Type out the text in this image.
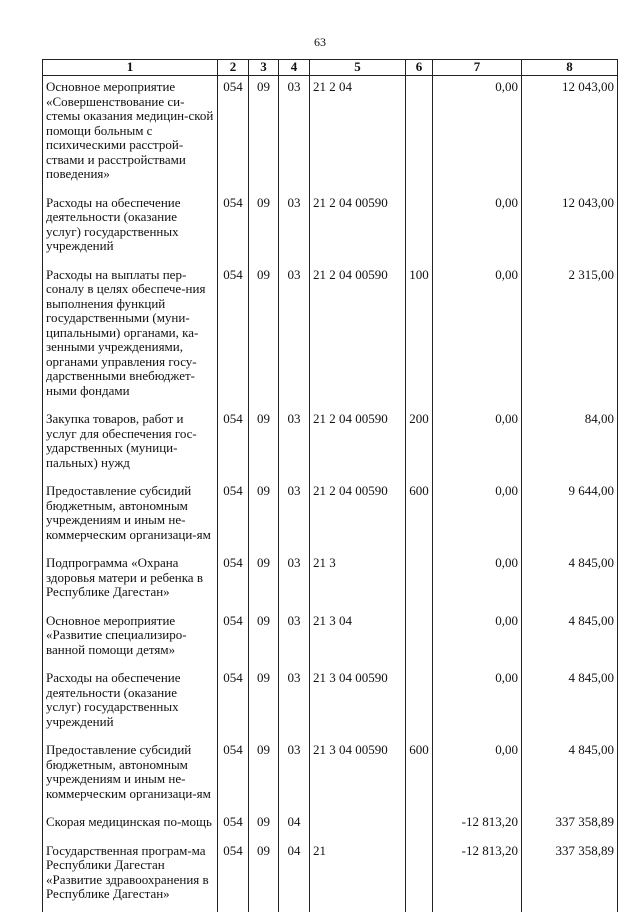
63
1	2	3	4	5	6	7	8
Основное мероприятие «Совершенствование си-стемы оказания медицин-ской помощи больным с психическими расстрой-ствами и расстройствами поведения»	054	09	03	21 2 04		0,00	12 043,00
Расходы на обеспечение деятельности (оказание услуг) государственных учреждений	054	09	03	21 2 04 00590		0,00	12 043,00
Расходы на выплаты пер-соналу в целях обеспече-ния выполнения функций государственными (муни-ципальными) органами, ка-зенными учреждениями, органами управления госу-дарственными внебюджет-ными фондами	054	09	03	21 2 04 00590	100	0,00	2 315,00
Закупка товаров, работ и услуг для обеспечения гос-ударственных (муници-пальных) нужд	054	09	03	21 2 04 00590	200	0,00	84,00
Предоставление субсидий бюджетным, автономным учреждениям и иным не-коммерческим организаци-ям	054	09	03	21 2 04 00590	600	0,00	9 644,00
Подпрограмма «Охрана здоровья матери и ребенка в Республике Дагестан»	054	09	03	21 3		0,00	4 845,00
Основное мероприятие «Развитие специализиро-ванной помощи детям»	054	09	03	21 3 04		0,00	4 845,00
Расходы на обеспечение деятельности (оказание услуг) государственных учреждений	054	09	03	21 3 04 00590		0,00	4 845,00
Предоставление субсидий бюджетным, автономным учреждениям и иным не-коммерческим организаци-ям	054	09	03	21 3 04 00590	600	0,00	4 845,00
Скорая медицинская по-мощь	054	09	04			-12 813,20	337 358,89
Государственная програм-ма Республики Дагестан «Развитие здравоохранения в Республике Дагестан»	054	09	04	21		-12 813,20	337 358,89
